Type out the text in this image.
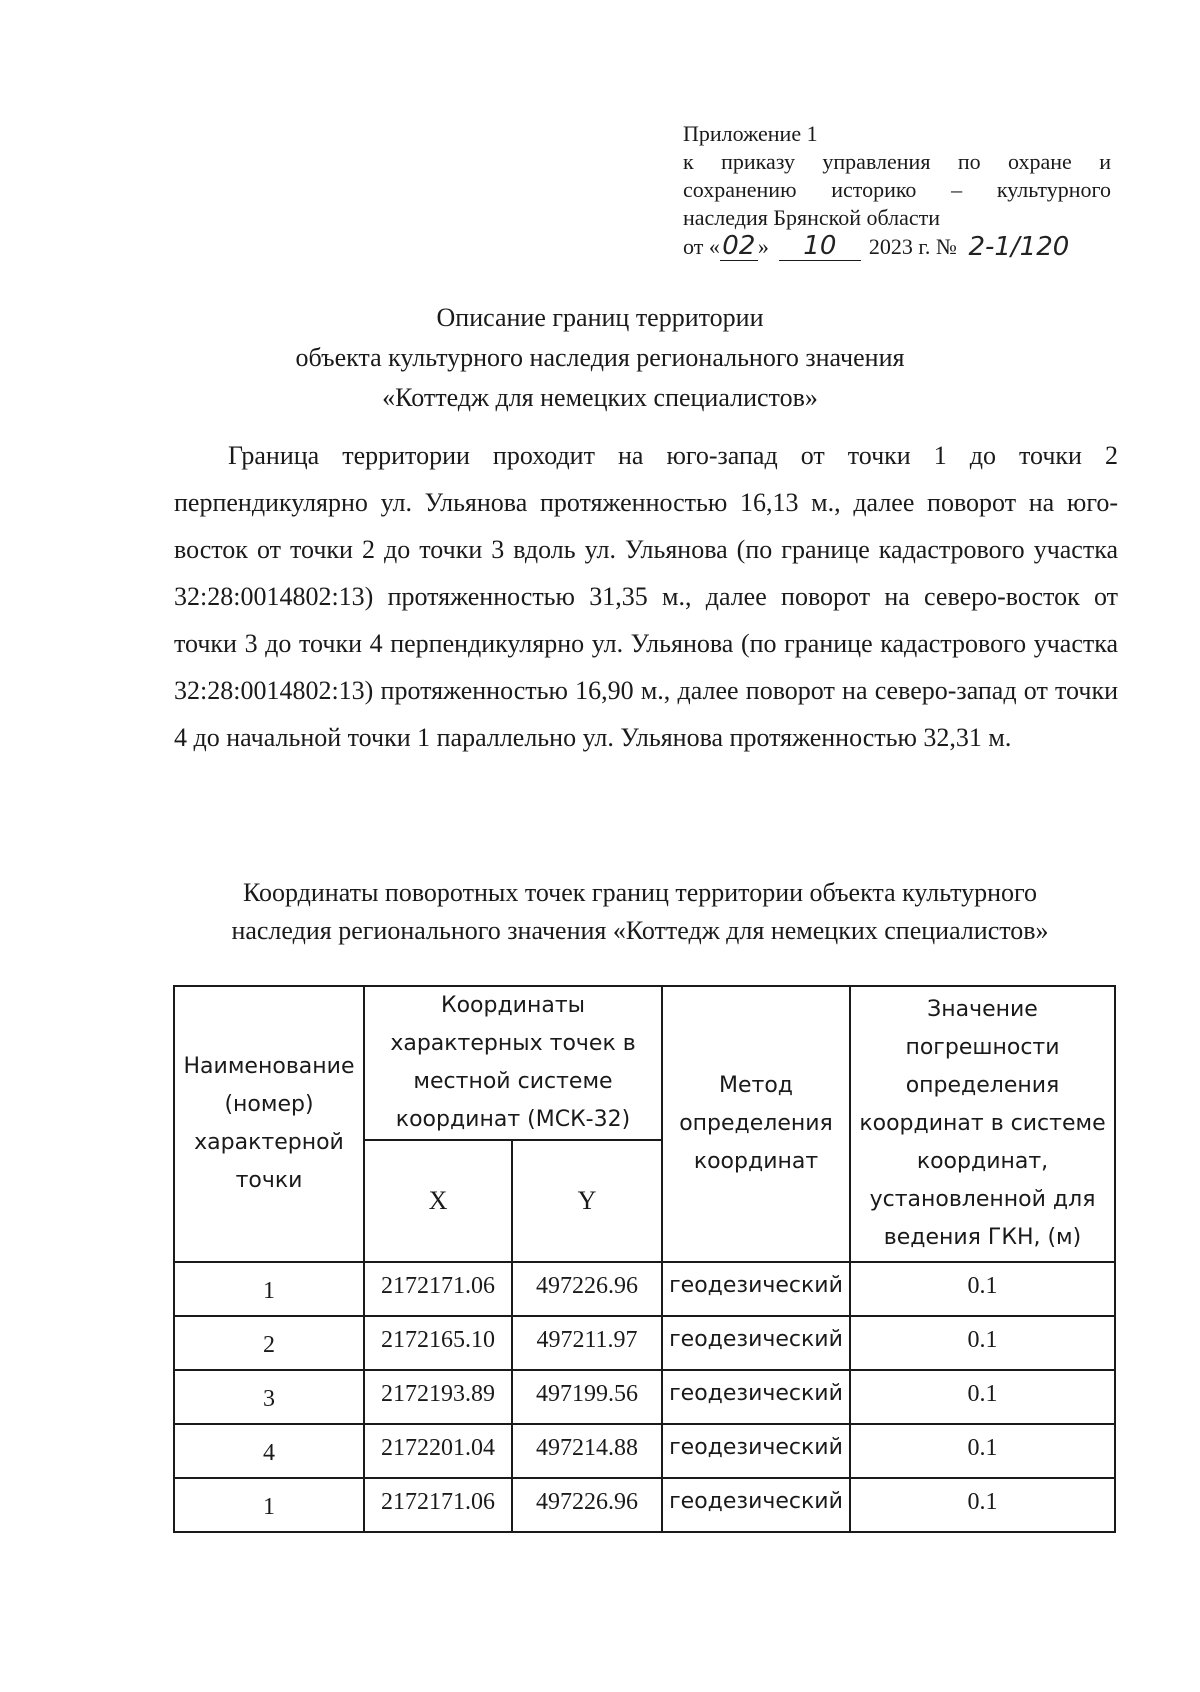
Приложение 1
к приказу управления по охране и
сохранению историко – культурного
наследия Брянской области
от « 02 »	10	2023 г. № 2-1/120
Описание границ территории
объекта культурного наследия регионального значения
«Коттедж для немецких специалистов»

Граница территории проходит на юго-запад от точки 1 до точки 2 перпендикулярно ул. Ульянова протяженностью 16,13 м., далее поворот на юго-восток от точки 2 до точки 3 вдоль ул. Ульянова (по границе кадастрового участка 32:28:0014802:13) протяженностью 31,35 м., далее поворот на северо-восток от точки 3 до точки 4 перпендикулярно ул. Ульянова (по границе кадастрового участка 32:28:0014802:13) протяженностью 16,90 м., далее поворот на северо-запад от точки 4 до начальной точки 1 параллельно ул. Ульянова протяженностью 32,31 м.

Координаты поворотных точек границ территории объекта культурного
наследия регионального значения «Коттедж для немецких специалистов»
Наименование (номер) характерной точки	Координаты характерных точек в местной системе координат (МСК-32)		Метод определения координат	Значение погрешности определения координат в системе координат, установленной для ведения ГКН, (м)
	X	Y		
1	2172171.06	497226.96	геодезический	0.1
2	2172165.10	497211.97	геодезический	0.1
3	2172193.89	497199.56	геодезический	0.1
4	2172201.04	497214.88	геодезический	0.1
1	2172171.06	497226.96	геодезический	0.1
